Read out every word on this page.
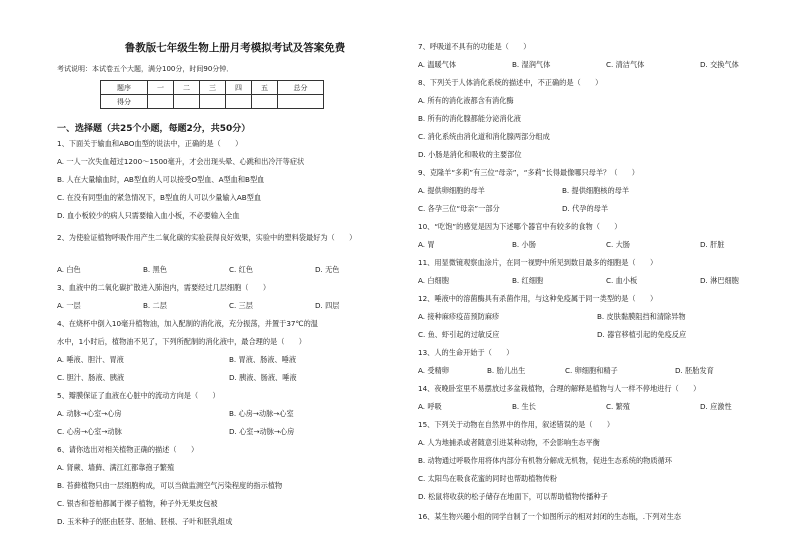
鲁教版七年级生物上册月考模拟考试及答案免费
考试说明：本试卷五个大题，满分100分，时间90分钟．
题序	一	二	三	四	五	总分
得分						
一、选择题（共25个小题，每题2分，共50分）
1、下面关于输血和ABO血型的说法中，正确的是（　　）
A. 一人一次失血超过1200～1500毫升，才会出现头晕、心跳和出冷汗等症状
B. 人在大量输血时，AB型血的人可以接受O型血、A型血和B型血
C. 在没有同型血的紧急情况下，B型血的人可以少量输入AB型血
D. 血小板较少的病人只需要输入血小板，不必要输入全血
2、为使验证植物呼吸作用产生二氧化碳的实验获得良好效果，实验中的塑料袋最好为（　　）
A. 白色	B. 黑色	C. 红色	D. 无色
3、血液中的二氧化碳扩散进入肺泡内，需要经过几层细胞（　　）
A. 一层	B. 二层	C. 三层	D. 四层
4、在烧杯中倒入10毫升植物油，加入配制的消化液，充分振荡，并置于37℃的温
水中，1小时后，植物油不见了，下列所配制的消化液中，最合理的是（　　）
A. 唾液、胆汁、胃液	B. 胃液、肠液、唾液
C. 胆汁、肠液、胰液	D. 胰液、肠液、唾液
5、瓣膜保证了血液在心脏中的流动方向是（　　）
A. 动脉→心室→心房	B. 心房→动脉→心室
C. 心房→心室→动脉	D. 心室→动脉→心房
6、请你选出对相关植物正确的描述（　　）
A. 肾蕨、墙藓、满江红都靠孢子繁殖
B. 苔藓植物只由一层细胞构成，可以当做监测空气污染程度的指示植物
C. 银杏和苍柏都属于裸子植物，种子外无果皮包被
D. 玉米种子的胚由胚芽、胚轴、胚根、子叶和胚乳组成
7、呼吸道不具有的功能是（　　）
A. 温暖气体	B. 湿润气体	C. 清洁气体	D. 交换气体
8、下列关于人体消化系统的描述中，不正确的是（　　）
A. 所有的消化液都含有消化酶
B. 所有的消化腺都能分泌消化液
C. 消化系统由消化道和消化腺两部分组成
D. 小肠是消化和吸收的主要部位
9、克隆羊“多莉”有三位“母亲”，“多莉”长得最像哪只母羊？（　　）
A. 提供卵细胞的母羊	B. 提供细胞核的母羊
C. 各孕三位“母亲”一部分	D. 代孕的母羊
10、“吃饱”的感觉是因为下述哪个器官中有较多的食物（　　）
A. 胃	B. 小肠	C. 大肠	D. 肝脏
11、用显微镜观察血涂片，在同一视野中所见到数目最多的细胞是（　　）
A. 白细胞	B. 红细胞	C. 血小板	D. 淋巴细胞
12、唾液中的溶菌酶具有杀菌作用，与这种免疫属于同一类型的是（　　）
A. 接种麻疹疫苗预防麻疹	B. 皮肤黏膜阻挡和清除异物
C. 鱼、虾引起的过敏反应	D. 器官移植引起的免疫反应
13、人的生命开始于（　　）
A. 受精卵	B. 胎儿出生	C. 卵细胞和精子	D. 胚胎发育
14、夜晚卧室里不易摆放过多盆栽植物，合理的解释是植物与人一样不停地进行（　　）
A. 呼吸	B. 生长	C. 繁殖	D. 应激性
15、下列关于动物在自然界中的作用，叙述错误的是（　　）
A. 人为地捕杀或者随意引进某种动物，不会影响生态平衡
B. 动物通过呼吸作用将体内部分有机物分解成无机物，促进生态系统的物质循环
C. 太阳鸟在吸食花蜜的同时也帮助植物传粉
D. 松鼠将收获的松子储存在地面下，可以帮助植物传播种子
16、某生物兴趣小组的同学自制了一个如图所示的相对封闭的生态瓶，.下列对生态
